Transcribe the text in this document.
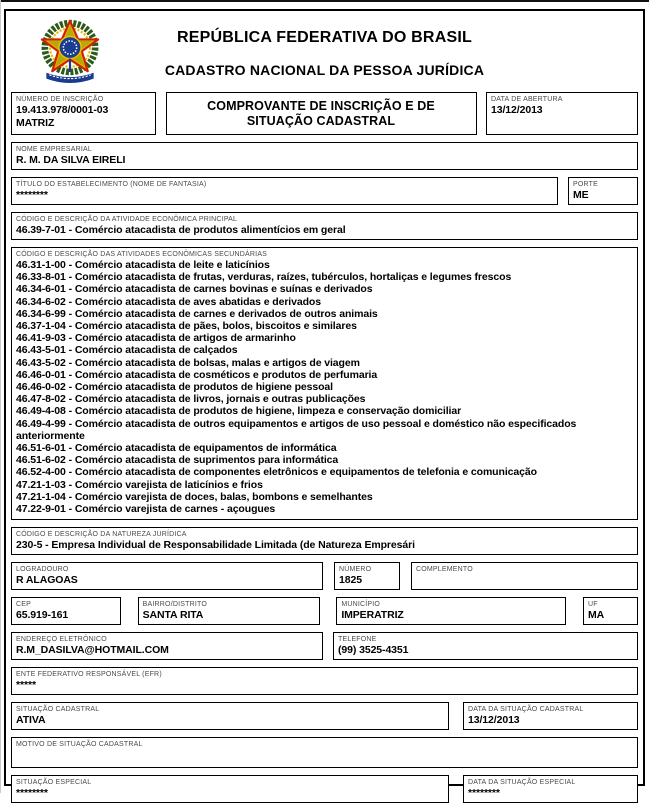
REPÚBLICA FEDERATIVA DO BRASIL
CADASTRO NACIONAL DA PESSOA JURÍDICA
NÚMERO DE INSCRIÇÃO
19.413.978/0001-03
MATRIZ
COMPROVANTE DE INSCRIÇÃO E DE SITUAÇÃO CADASTRAL
DATA DE ABERTURA
13/12/2013
NOME EMPRESARIAL
R. M. DA SILVA EIRELI
TÍTULO DO ESTABELECIMENTO (NOME DE FANTASIA)
********
PORTE
ME
CÓDIGO E DESCRIÇÃO DA ATIVIDADE ECONÔMICA PRINCIPAL
46.39-7-01 - Comércio atacadista de produtos alimentícios em geral
CÓDIGO E DESCRIÇÃO DAS ATIVIDADES ECONÔMICAS SECUNDÁRIAS
46.31-1-00 - Comércio atacadista de leite e laticínios
46.33-8-01 - Comércio atacadista de frutas, verduras, raízes, tubérculos, hortaliças e legumes frescos
46.34-6-01 - Comércio atacadista de carnes bovinas e suínas e derivados
46.34-6-02 - Comércio atacadista de aves abatidas e derivados
46.34-6-99 - Comércio atacadista de carnes e derivados de outros animais
46.37-1-04 - Comércio atacadista de pães, bolos, biscoitos e similares
46.41-9-03 - Comércio atacadista de artigos de armarinho
46.43-5-01 - Comércio atacadista de calçados
46.43-5-02 - Comércio atacadista de bolsas, malas e artigos de viagem
46.46-0-01 - Comércio atacadista de cosméticos e produtos de perfumaria
46.46-0-02 - Comércio atacadista de produtos de higiene pessoal
46.47-8-02 - Comércio atacadista de livros, jornais e outras publicações
46.49-4-08 - Comércio atacadista de produtos de higiene, limpeza e conservação domiciliar
46.49-4-99 - Comércio atacadista de outros equipamentos e artigos de uso pessoal e doméstico não especificados anteriormente
46.51-6-01 - Comércio atacadista de equipamentos de informática
46.51-6-02 - Comércio atacadista de suprimentos para informática
46.52-4-00 - Comércio atacadista de componentes eletrônicos e equipamentos de telefonia e comunicação
47.21-1-03 - Comércio varejista de laticínios e frios
47.21-1-04 - Comércio varejista de doces, balas, bombons e semelhantes
47.22-9-01 - Comércio varejista de carnes - açougues
CÓDIGO E DESCRIÇÃO DA NATUREZA JURÍDICA
230-5 - Empresa Individual de Responsabilidade Limitada (de Natureza Empresári
LOGRADOURO
R ALAGOAS
NÚMERO
1825
COMPLEMENTO
CEP
65.919-161
BAIRRO/DISTRITO
SANTA RITA
MUNICÍPIO
IMPERATRIZ
UF
MA
ENDEREÇO ELETRÔNICO
R.M_DASILVA@HOTMAIL.COM
TELEFONE
(99) 3525-4351
ENTE FEDERATIVO RESPONSÁVEL (EFR)
*****
SITUAÇÃO CADASTRAL
ATIVA
DATA DA SITUAÇÃO CADASTRAL
13/12/2013
MOTIVO DE SITUAÇÃO CADASTRAL
SITUAÇÃO ESPECIAL
********
DATA DA SITUAÇÃO ESPECIAL
********
